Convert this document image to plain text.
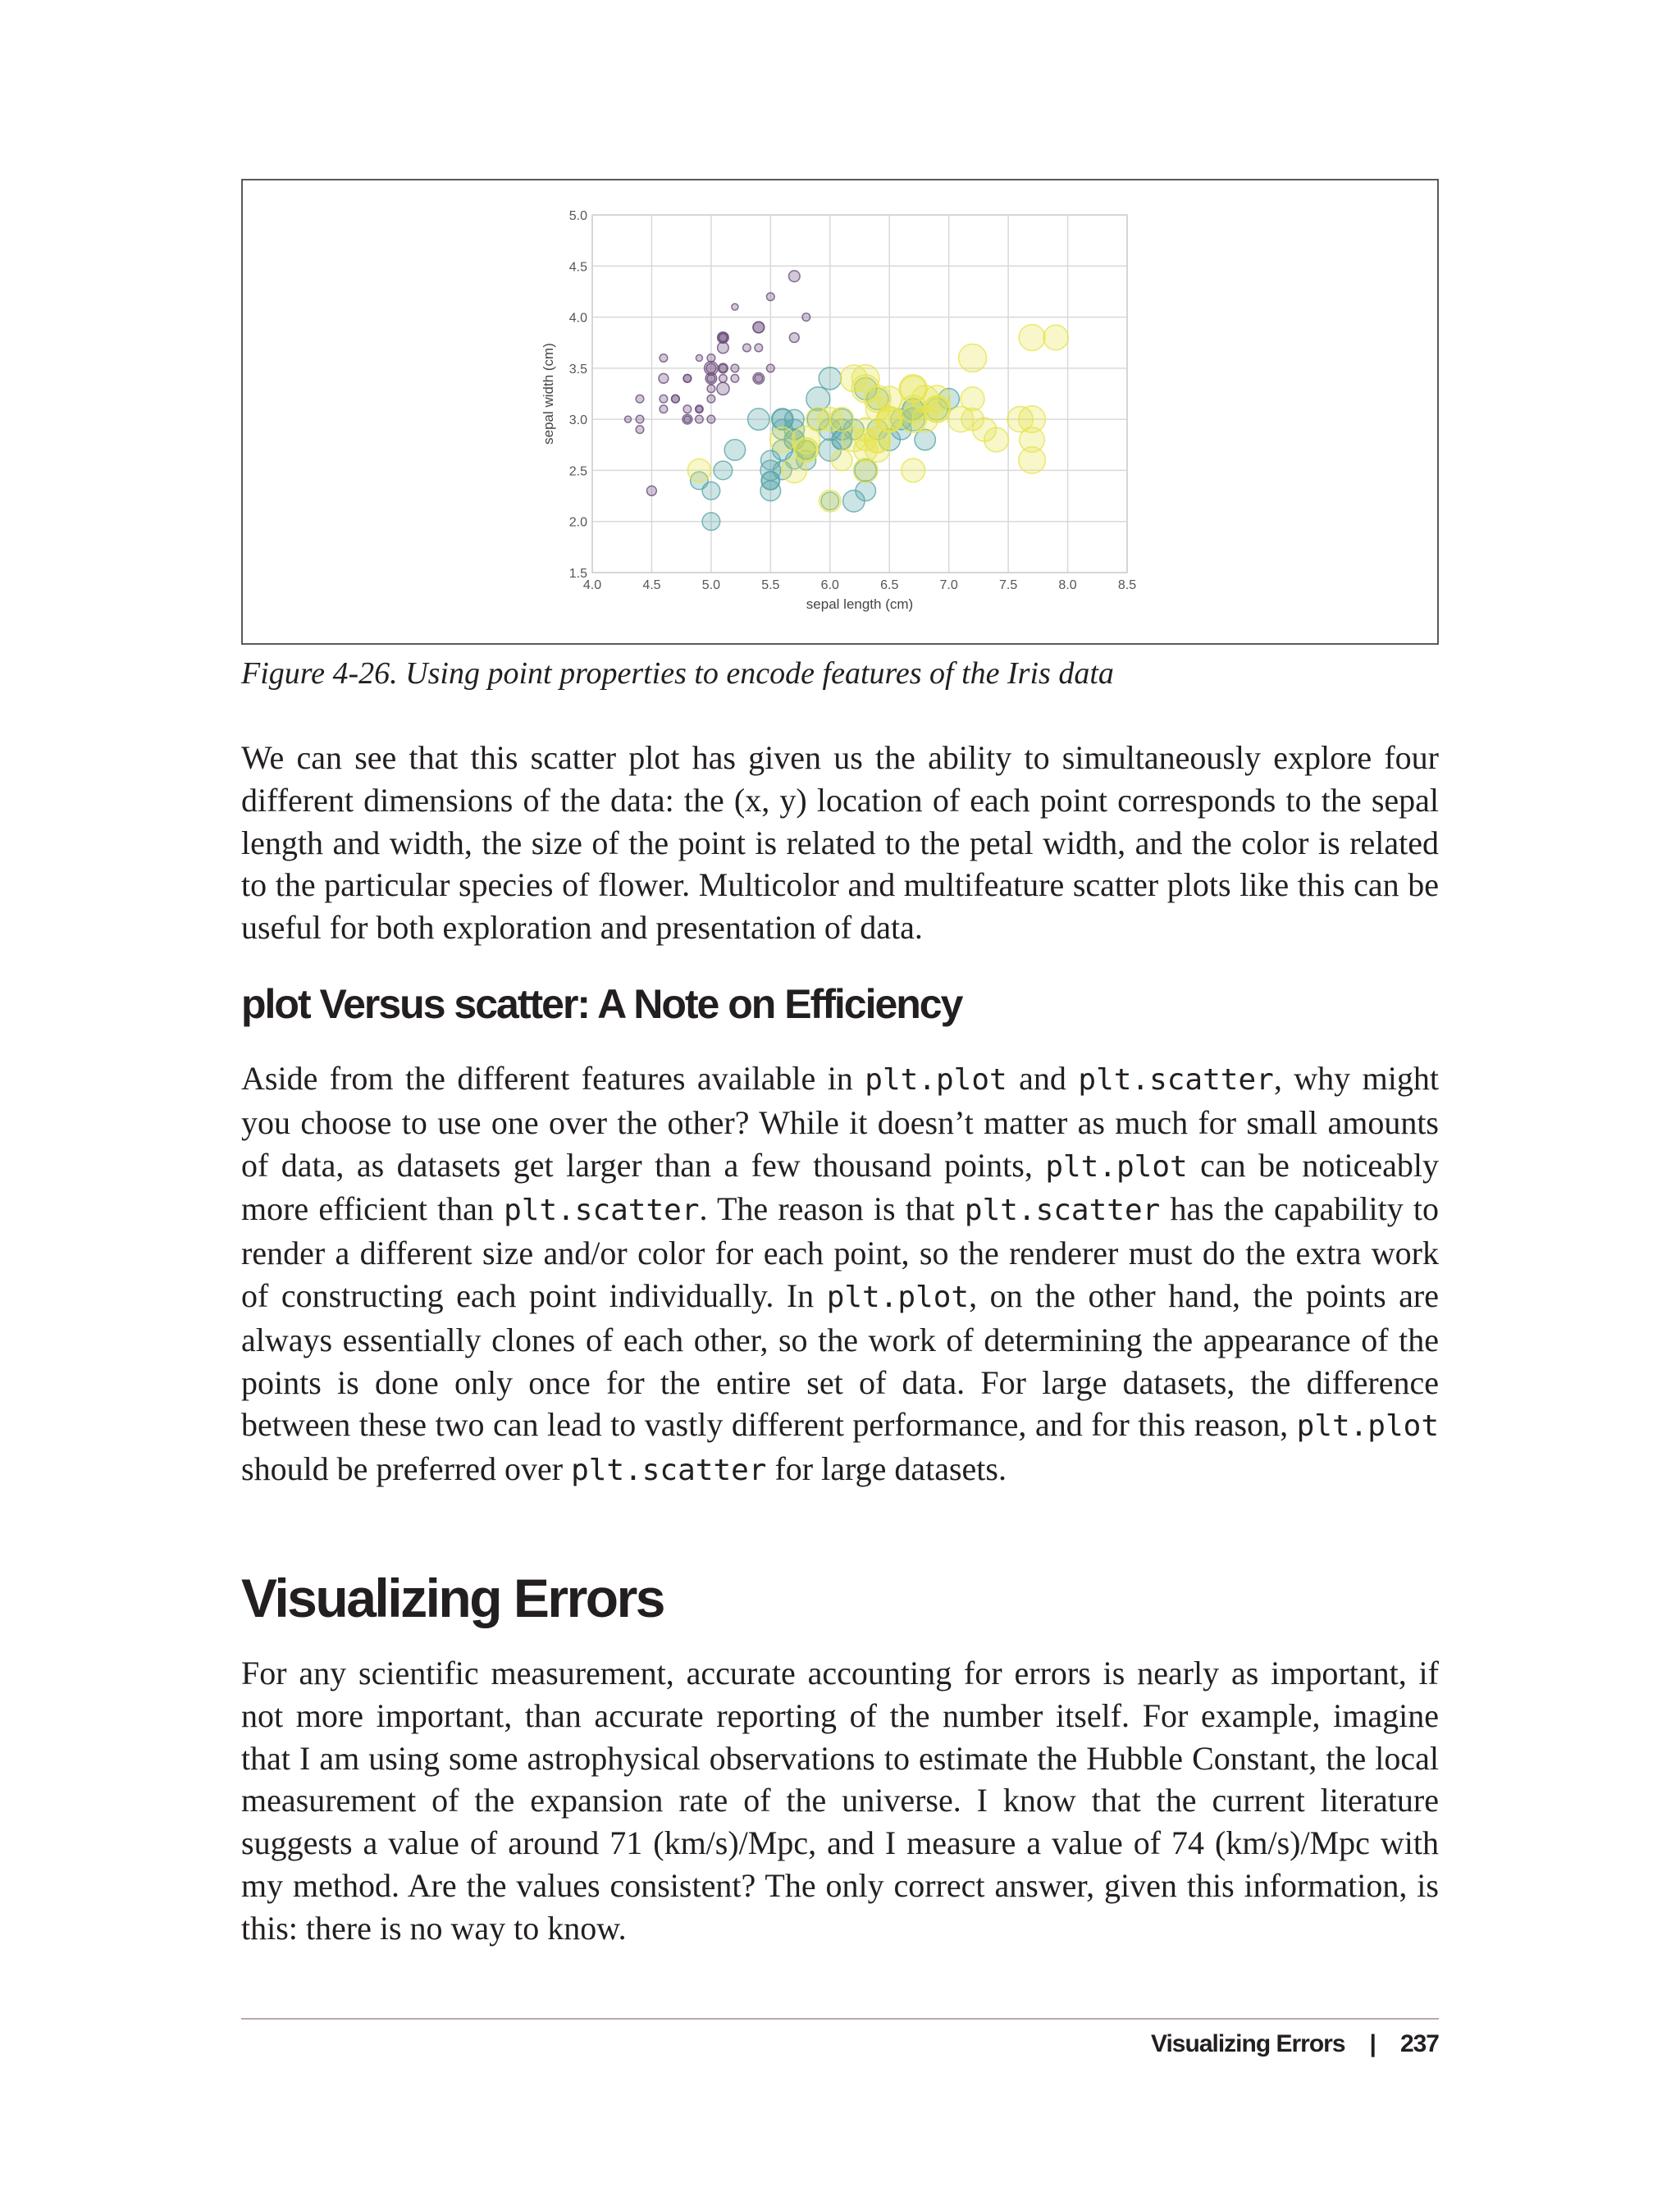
4.0	4.5	5.0	5.5	6.0	6.5	7.0	7.5	8.0	8.5
1.5
2.0
2.5
3.0
3.5
4.0
4.5
5.0
sepal length (cm)
sepal width (cm)
Figure 4-26. Using point properties to encode features of the Iris data

We can see that this scatter plot has given us the ability to simultaneously explore four different dimensions of the data: the (x, y) location of each point corresponds to the sepal length and width, the size of the point is related to the petal width, and the color is related to the particular species of flower. Multicolor and multifeature scatter plots like this can be useful for both exploration and presentation of data.

plot Versus scatter: A Note on Efficiency

Aside from the different features available in plt.plot and plt.scatter, why might you choose to use one over the other? While it doesn’t matter as much for small amounts of data, as datasets get larger than a few thousand points, plt.plot can be noticeably more efficient than plt.scatter. The reason is that plt.scatter has the capability to render a different size and/or color for each point, so the renderer must do the extra work of constructing each point individually. In plt.plot, on the other hand, the points are always essentially clones of each other, so the work of determining the appearance of the points is done only once for the entire set of data. For large datasets, the difference between these two can lead to vastly different performance, and for this reason, plt.plot should be preferred over plt.scatter for large datasets.

Visualizing Errors

For any scientific measurement, accurate accounting for errors is nearly as important, if not more important, than accurate reporting of the number itself. For example, imagine that I am using some astrophysical observations to estimate the Hubble Constant, the local measurement of the expansion rate of the universe. I know that the current literature suggests a value of around 71 (km/s)/Mpc, and I measure a value of 74 (km/s)/Mpc with my method. Are the values consistent? The only correct answer, given this information, is this: there is no way to know.

Visualizing Errors | 237
